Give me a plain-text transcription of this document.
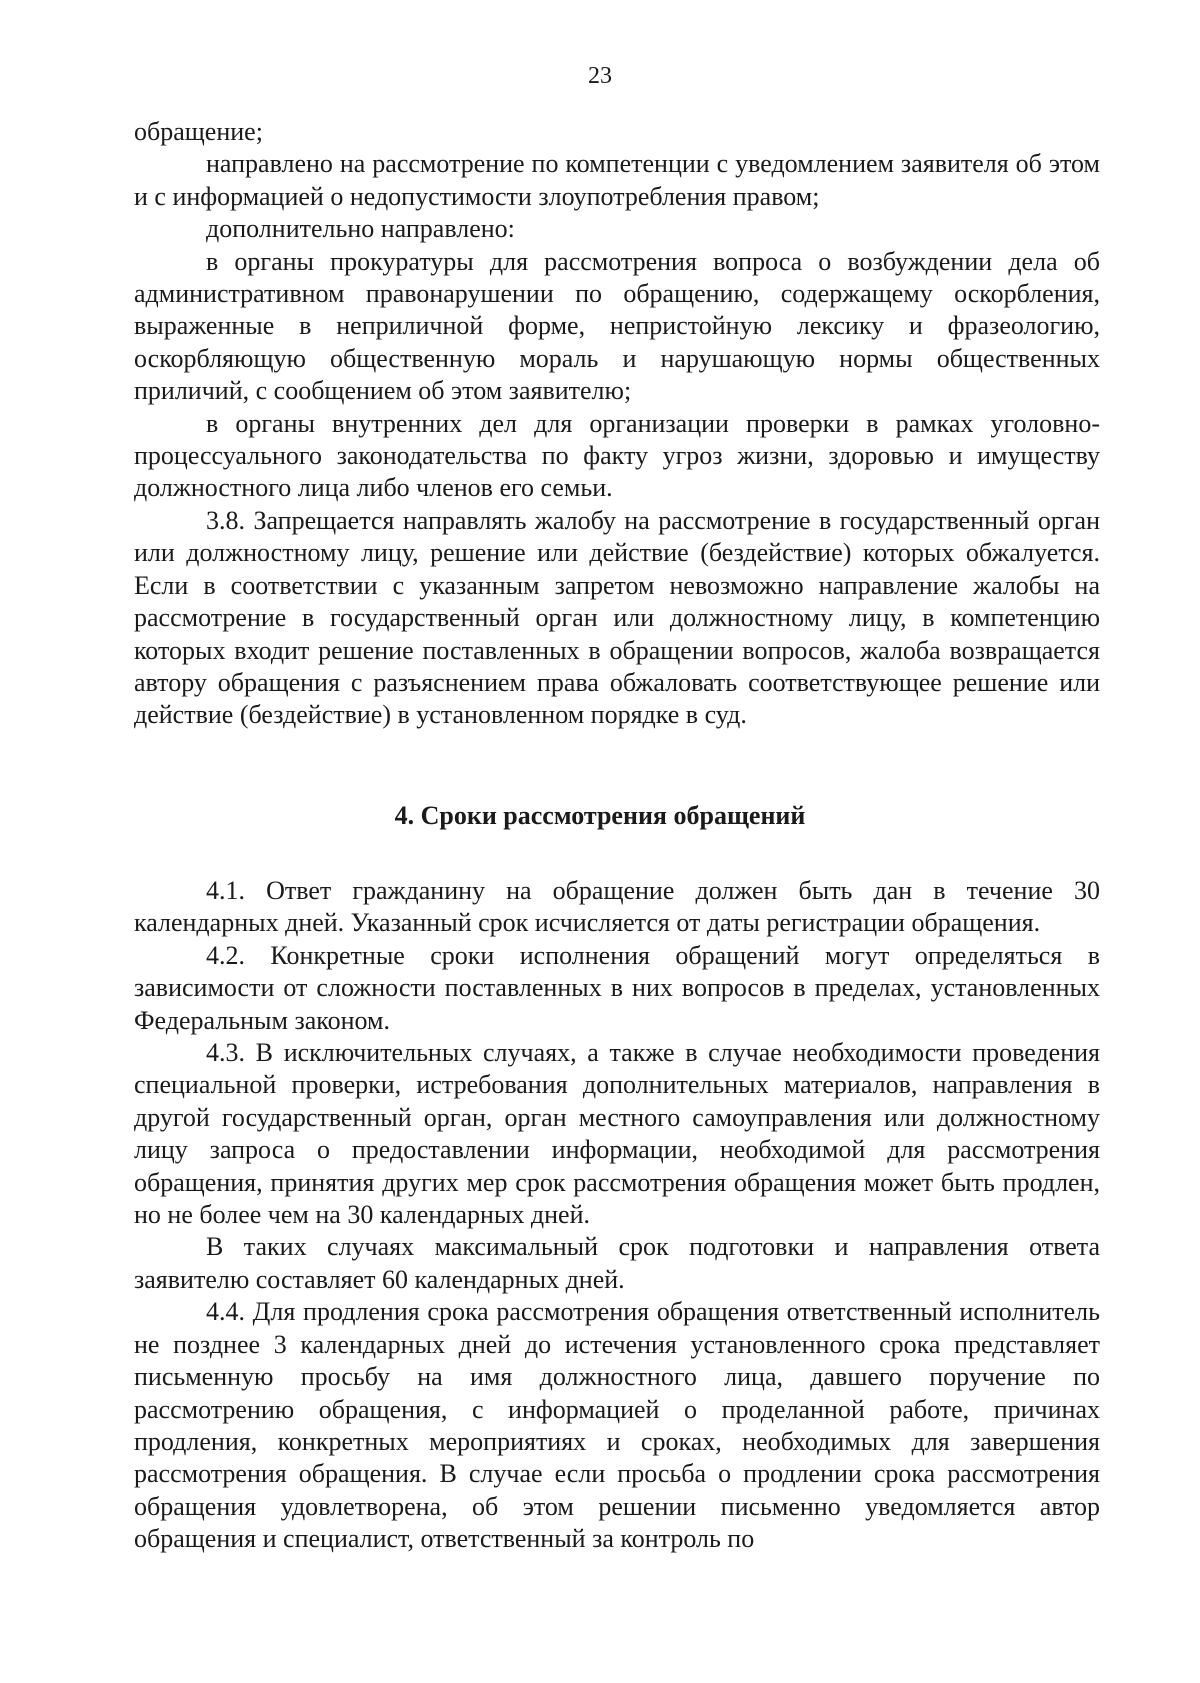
23

обращение;

направлено на рассмотрение по компетенции с уведомлением заявителя об этом и с информацией о недопустимости злоупотребления правом;

дополнительно направлено:

в органы прокуратуры для рассмотрения вопроса о возбуждении дела об административном правонарушении по обращению, содержащему оскорбления, выраженные в неприличной форме, непристойную лексику и фразеологию, оскорбляющую общественную мораль и нарушающую нормы общественных приличий, с сообщением об этом заявителю;

в органы внутренних дел для организации проверки в рамках уголовно-процессуального законодательства по факту угроз жизни, здоровью и имуществу должностного лица либо членов его семьи.

3.8. Запрещается направлять жалобу на рассмотрение в государственный орган или должностному лицу, решение или действие (бездействие) которых обжалуется. Если в соответствии с указанным запретом невозможно направление жалобы на рассмотрение в государственный орган или должностному лицу, в компетенцию которых входит решение поставленных в обращении вопросов, жалоба возвращается автору обращения с разъяснением права обжаловать соответствующее решение или действие (бездействие) в установленном порядке в суд.

4. Сроки рассмотрения обращений

4.1. Ответ гражданину на обращение должен быть дан в течение 30 календарных дней. Указанный срок исчисляется от даты регистрации обращения.

4.2. Конкретные сроки исполнения обращений могут определяться в зависимости от сложности поставленных в них вопросов в пределах, установленных Федеральным законом.

4.3. В исключительных случаях, а также в случае необходимости проведения специальной проверки, истребования дополнительных материалов, направления в другой государственный орган, орган местного самоуправления или должностному лицу запроса о предоставлении информации, необходимой для рассмотрения обращения, принятия других мер срок рассмотрения обращения может быть продлен, но не более чем на 30 календарных дней.

В таких случаях максимальный срок подготовки и направления ответа заявителю составляет 60 календарных дней.

4.4. Для продления срока рассмотрения обращения ответственный исполнитель не позднее 3 календарных дней до истечения установленного срока представляет письменную просьбу на имя должностного лица, давшего поручение по рассмотрению обращения, с информацией о проделанной работе, причинах продления, конкретных мероприятиях и сроках, необходимых для завершения рассмотрения обращения. В случае если просьба о продлении срока рассмотрения обращения удовлетворена, об этом решении письменно уведомляется автор обращения и специалист, ответственный за контроль по
